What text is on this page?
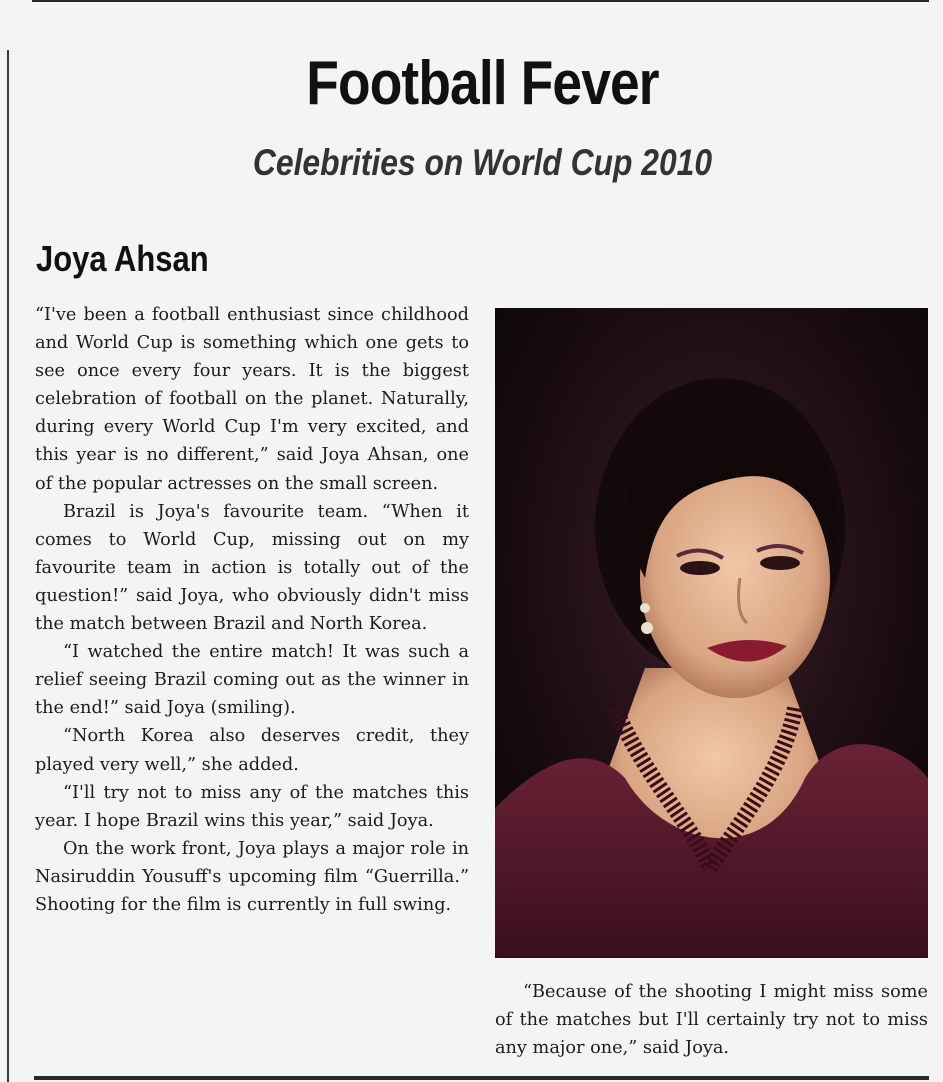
Football Fever
Celebrities on World Cup 2010
Joya Ahsan

“I've been a football enthusiast since childhood and World Cup is something which one gets to see once every four years. It is the biggest celebration of football on the planet. Naturally, during every World Cup I'm very excited, and this year is no different,” said Joya Ahsan, one of the popular actresses on the small screen.

Brazil is Joya's favourite team. “When it comes to World Cup, missing out on my favourite team in action is totally out of the question!” said Joya, who obviously didn't miss the match between Brazil and North Korea.

“I watched the entire match! It was such a relief seeing Brazil coming out as the winner in the end!” said Joya (smiling).

“North Korea also deserves credit, they played very well,” she added.

“I'll try not to miss any of the matches this year. I hope Brazil wins this year,” said Joya.

On the work front, Joya plays a major role in Nasiruddin Yousuff's upcoming film “Guerrilla.” Shooting for the film is currently in full swing.

“Because of the shooting I might miss some of the matches but I'll certainly try not to miss any major one,” said Joya.
